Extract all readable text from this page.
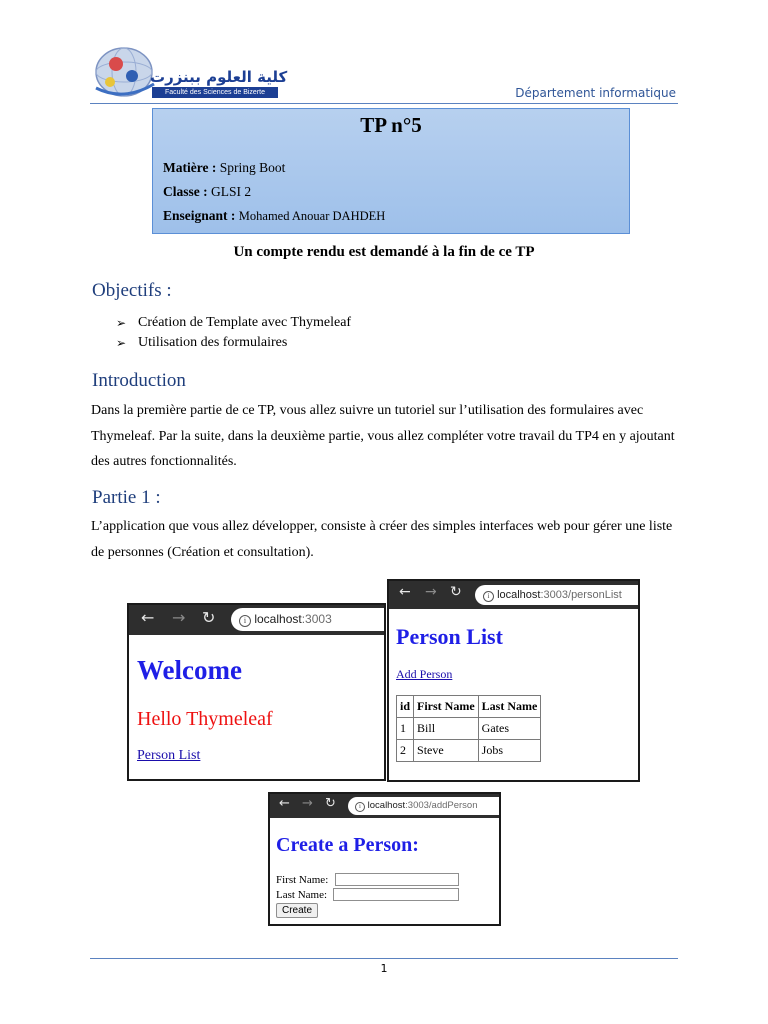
كلية العلوم ببنزرت
Faculté des Sciences de Bizerte	Département informatique
TP n°5
Matière : Spring Boot
Classe : GLSI 2
Enseignant : Mohamed Anouar DAHDEH
Un compte rendu est demandé à la fin de ce TP
Objectifs :
➢ Création de Template avec Thymeleaf
➢ Utilisation des formulaires
Introduction
Dans la première partie de ce TP, vous allez suivre un tutoriel sur l’utilisation des formulaires avec Thymeleaf. Par la suite, dans la deuxième partie, vous allez compléter votre travail du TP4 en y ajoutant des autres fonctionnalités.
Partie 1 :
L’application que vous allez développer, consiste à créer des simples interfaces web pour gérer une liste de personnes (Création et consultation).
← → ↻	i localhost:3003
Welcome
Hello Thymeleaf
Person List
← → ↻	i localhost:3003/personList
Person List
Add Person
id	First Name	Last Name
1	Bill	Gates
2	Steve	Jobs
← → ↻	i localhost:3003/addPerson
Create a Person:
First Name:
Last Name:
Create
1
